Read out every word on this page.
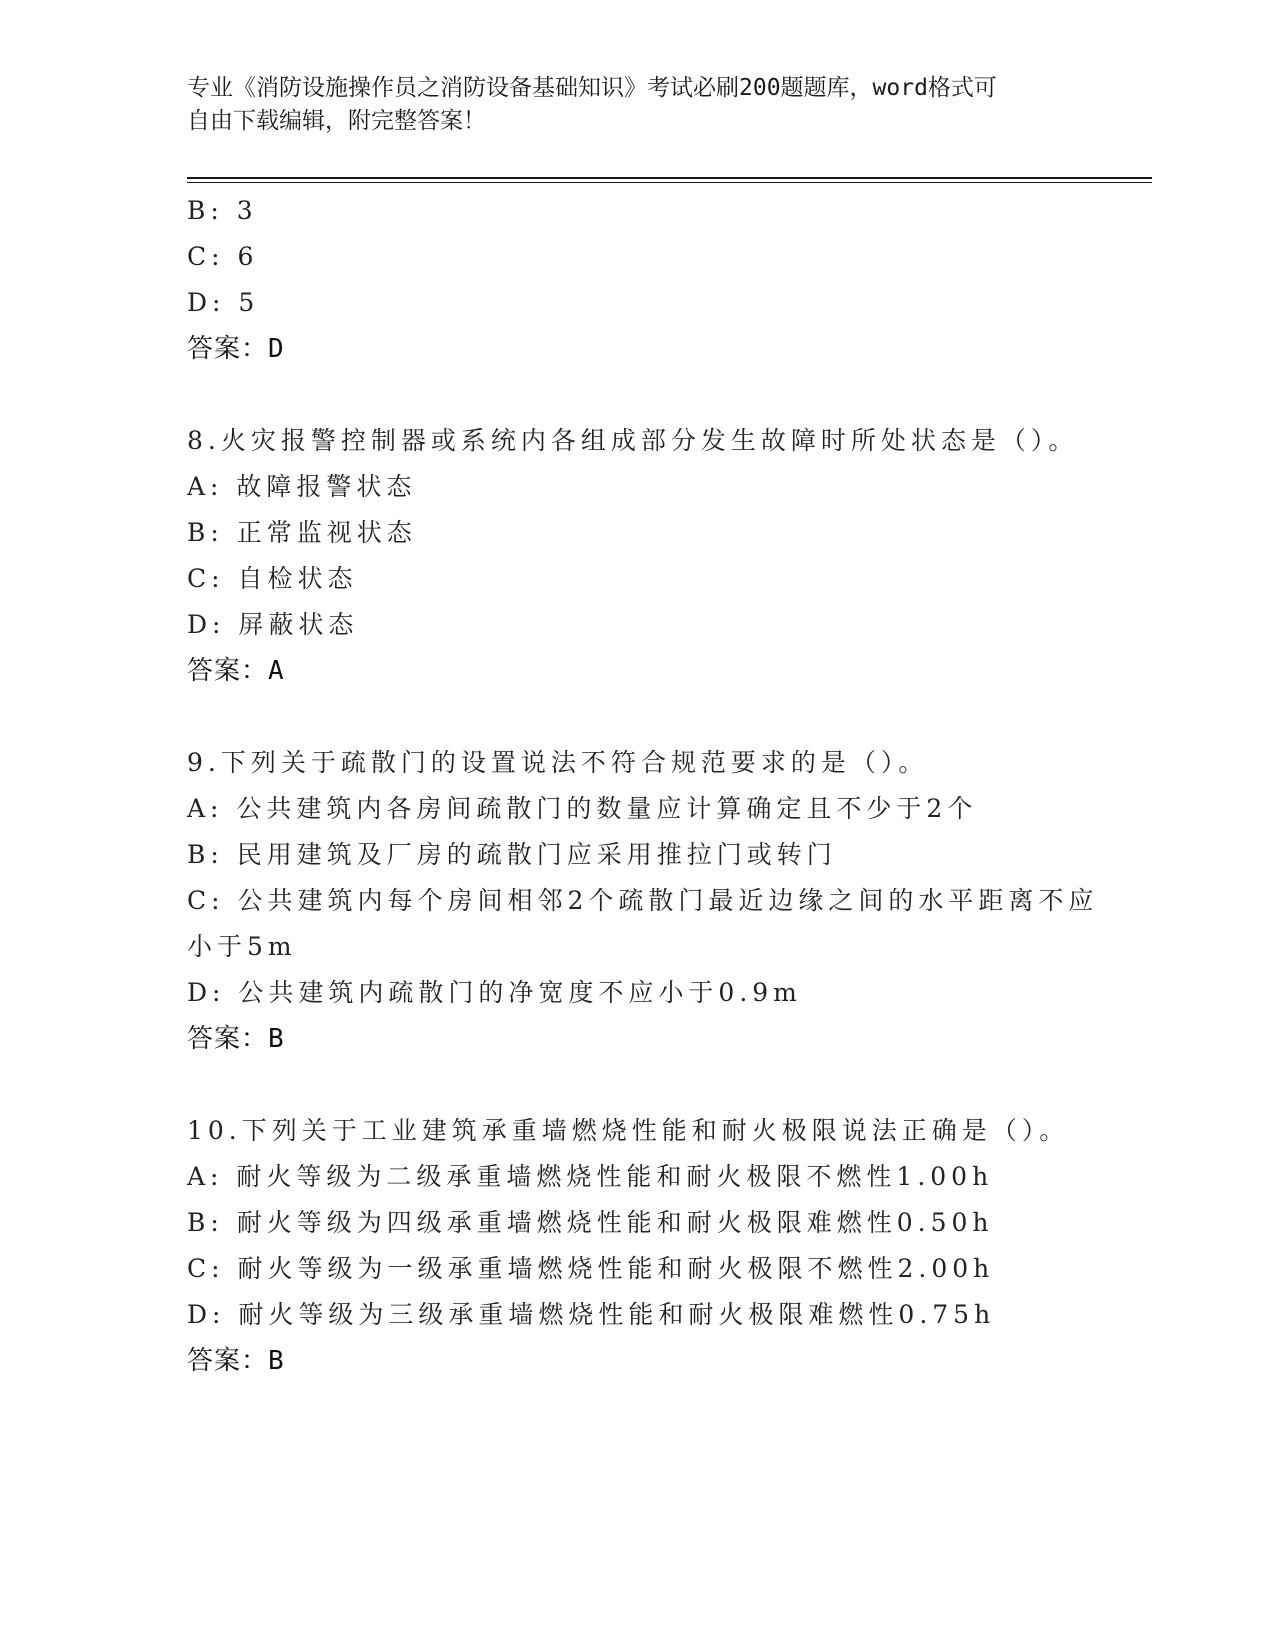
专业《消防设施操作员之消防设备基础知识》考试必刷200题题库，word格式可
自由下载编辑，附完整答案！
B: 3
C: 6
D: 5
答案：D
8.火灾报警控制器或系统内各组成部分发生故障时所处状态是（）。
A: 故障报警状态
B: 正常监视状态
C: 自检状态
D: 屏蔽状态
答案：A
9.下列关于疏散门的设置说法不符合规范要求的是（）。
A: 公共建筑内各房间疏散门的数量应计算确定且不少于2个
B: 民用建筑及厂房的疏散门应采用推拉门或转门
C: 公共建筑内每个房间相邻2个疏散门最近边缘之间的水平距离不应
小于5m
D: 公共建筑内疏散门的净宽度不应小于0.9m
答案：B
10.下列关于工业建筑承重墙燃烧性能和耐火极限说法正确是（）。
A: 耐火等级为二级承重墙燃烧性能和耐火极限不燃性1.00h
B: 耐火等级为四级承重墙燃烧性能和耐火极限难燃性0.50h
C: 耐火等级为一级承重墙燃烧性能和耐火极限不燃性2.00h
D: 耐火等级为三级承重墙燃烧性能和耐火极限难燃性0.75h
答案：B
